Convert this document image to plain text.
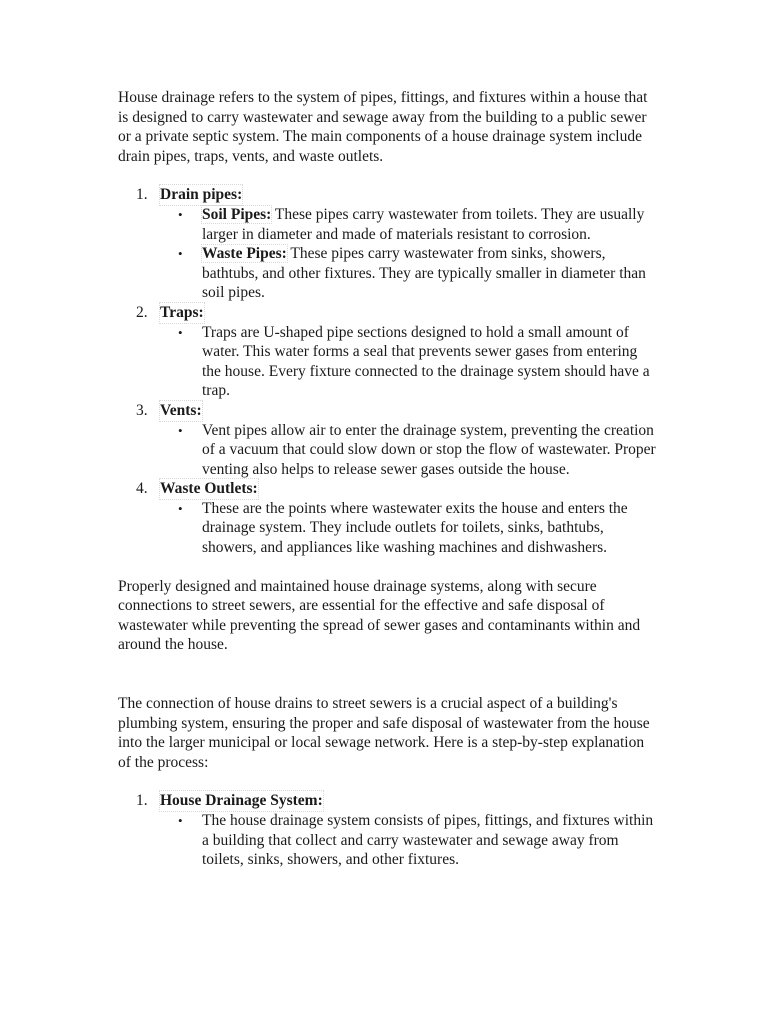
House drainage refers to the system of pipes, fittings, and fixtures within a house that is designed to carry wastewater and sewage away from the building to a public sewer or a private septic system. The main components of a house drainage system include drain pipes, traps, vents, and waste outlets.

1. Drain pipes:
• Soil Pipes: These pipes carry wastewater from toilets. They are usually larger in diameter and made of materials resistant to corrosion.
• Waste Pipes: These pipes carry wastewater from sinks, showers, bathtubs, and other fixtures. They are typically smaller in diameter than soil pipes.
2. Traps:
• Traps are U-shaped pipe sections designed to hold a small amount of water. This water forms a seal that prevents sewer gases from entering the house. Every fixture connected to the drainage system should have a trap.
3. Vents:
• Vent pipes allow air to enter the drainage system, preventing the creation of a vacuum that could slow down or stop the flow of wastewater. Proper venting also helps to release sewer gases outside the house.
4. Waste Outlets:
• These are the points where wastewater exits the house and enters the drainage system. They include outlets for toilets, sinks, bathtubs, showers, and appliances like washing machines and dishwashers.

Properly designed and maintained house drainage systems, along with secure connections to street sewers, are essential for the effective and safe disposal of wastewater while preventing the spread of sewer gases and contaminants within and around the house.

The connection of house drains to street sewers is a crucial aspect of a building's plumbing system, ensuring the proper and safe disposal of wastewater from the house into the larger municipal or local sewage network. Here is a step-by-step explanation of the process:

1. House Drainage System:
• The house drainage system consists of pipes, fittings, and fixtures within a building that collect and carry wastewater and sewage away from toilets, sinks, showers, and other fixtures.
